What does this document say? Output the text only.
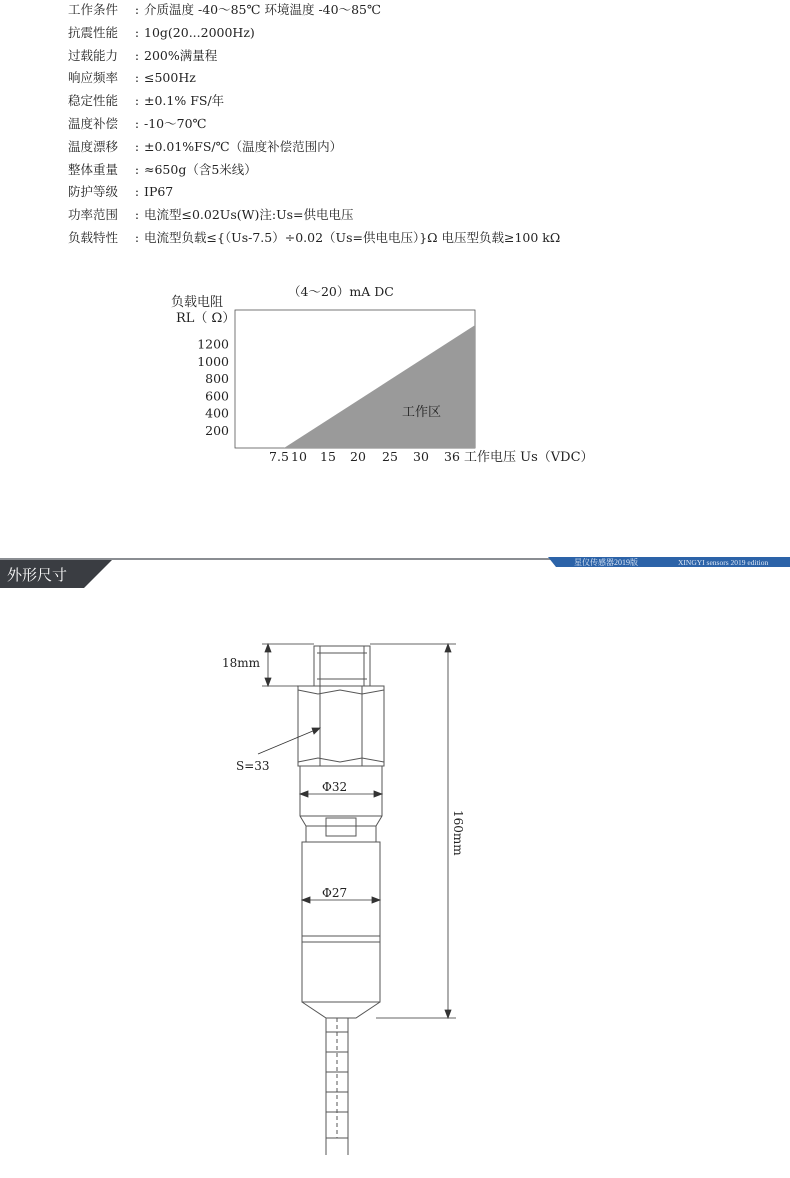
工作条件 : 介质温度 -40～85℃ 环境温度 -40～85℃
抗震性能 : 10g(20...2000Hz)
过载能力 : 200%满量程
响应频率 : ≤500Hz
稳定性能 : ±0.1% FS/年
温度补偿 : -10～70℃
温度漂移 : ±0.01%FS/℃（温度补偿范围内）
整体重量 : ≈650g（含5米线）
防护等级 : IP67
功率范围 : 电流型≤0.02Us(W)注:Us=供电电压
负载特性 : 电流型负载≤{（Us-7.5）÷0.02（Us=供电电压）}Ω 电压型负载≥100 kΩ
（4～20）mA DC
负载电阻
RL（ Ω）
200
400
600
800
1000
1200
7.5 10 15 20 25 30 36
工作区
工作电压 Us（VDC）
外形尺寸
星仪传感器2019版	XINGYI sensors 2019 edition
18mm
S=33
Φ32
Φ27
160mm
